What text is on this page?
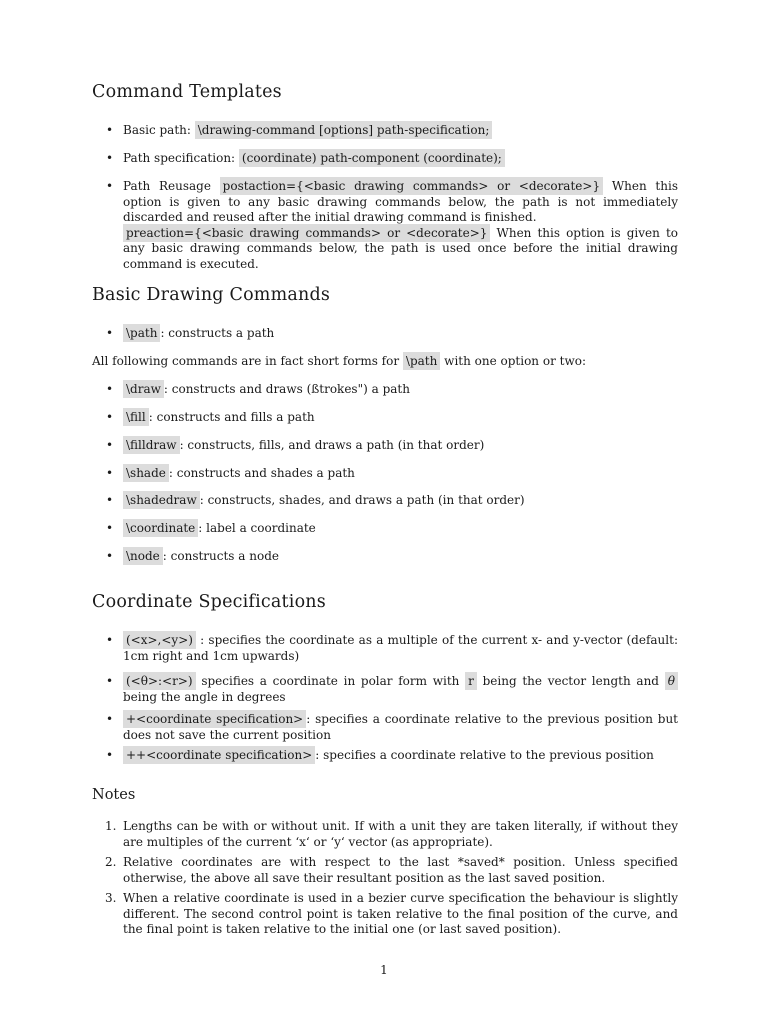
Command Templates
• Basic path: \drawing-command [options] path-specification;
• Path specification: (coordinate) path-component (coordinate);
• Path Reusage postaction={<basic drawing commands> or <decorate>} When this option is given to any basic drawing commands below, the path is not immediately discarded and reused after the initial drawing command is finished.
preaction={<basic drawing commands> or <decorate>} When this option is given to any basic drawing commands below, the path is used once before the initial drawing command is executed.
Basic Drawing Commands
• \path : constructs a path
All following commands are in fact short forms for \path with one option or two:
• \draw : constructs and draws (ßtrokes") a path
• \fill : constructs and fills a path
• \filldraw : constructs, fills, and draws a path (in that order)
• \shade : constructs and shades a path
• \shadedraw : constructs, shades, and draws a path (in that order)
• \coordinate : label a coordinate
• \node : constructs a node
Coordinate Specifications
• (<x>,<y>) : specifies the coordinate as a multiple of the current x- and y-vector (default: 1cm right and 1cm upwards)
• (<θ>:<r>) specifies a coordinate in polar form with r being the vector length and θ being the angle in degrees
• +<coordinate specification> : specifies a coordinate relative to the previous position but does not save the current position
• ++<coordinate specification> : specifies a coordinate relative to the previous position
Notes
1. Lengths can be with or without unit. If with a unit they are taken literally, if without they are multiples of the current ‘x‘ or ‘y‘ vector (as appropriate).
2. Relative coordinates are with respect to the last *saved* position. Unless specified otherwise, the above all save their resultant position as the last saved position.
3. When a relative coordinate is used in a bezier curve specification the behaviour is slightly different. The second control point is taken relative to the final position of the curve, and the final point is taken relative to the initial one (or last saved position).
1
